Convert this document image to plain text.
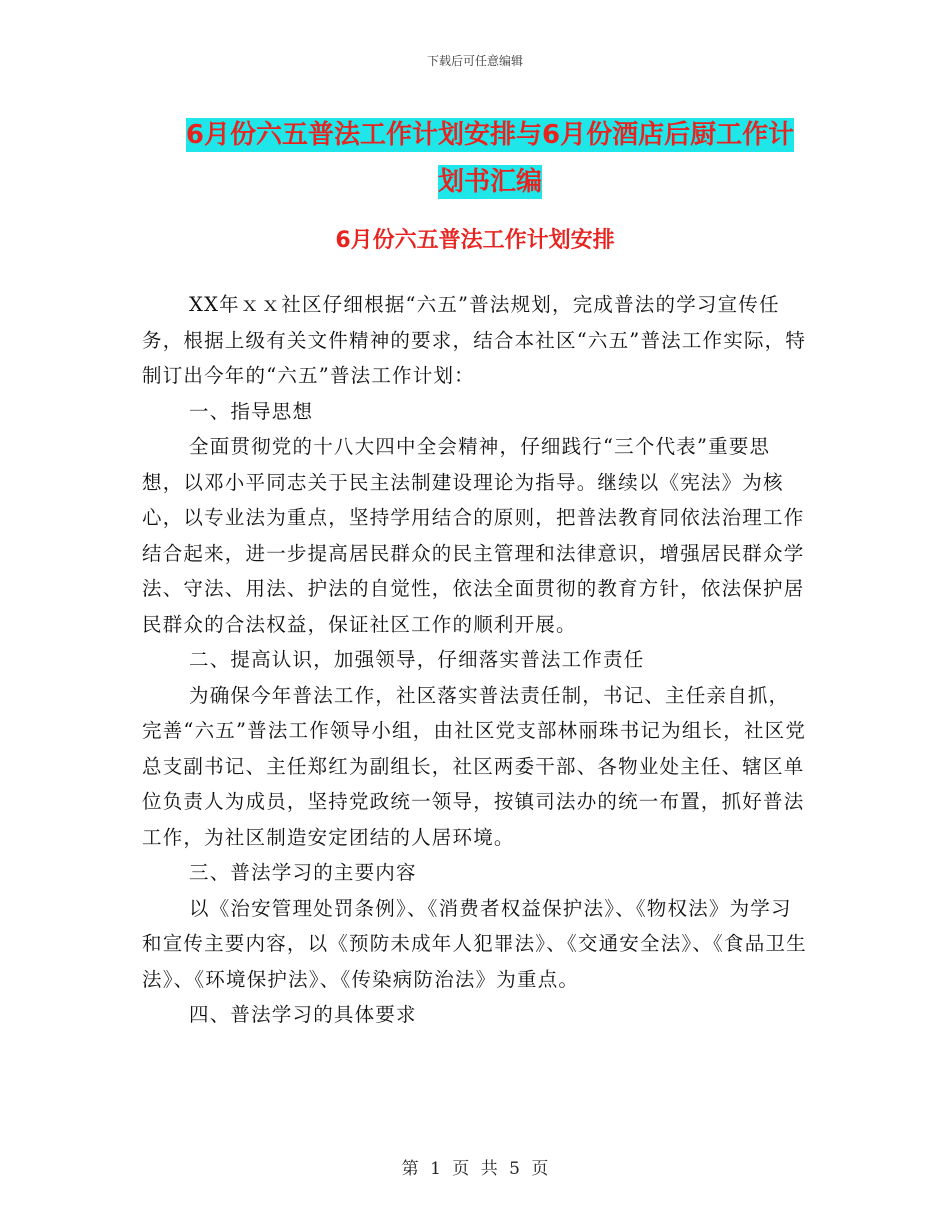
下载后可任意编辑
6月份六五普法工作计划安排与6月份酒店后厨工作计
划书汇编
6月份六五普法工作计划安排

XX年ｘｘ社区仔细根据“六五”普法规划，完成普法的学习宣传任务，根据上级有关文件精神的要求，结合本社区“六五”普法工作实际，特制订出今年的“六五”普法工作计划：

一、指导思想

全面贯彻党的十八大四中全会精神，仔细践行“三个代表”重要思想，以邓小平同志关于民主法制建设理论为指导。继续以《宪法》为核心，以专业法为重点，坚持学用结合的原则，把普法教育同依法治理工作结合起来，进一步提高居民群众的民主管理和法律意识，增强居民群众学法、守法、用法、护法的自觉性，依法全面贯彻的教育方针，依法保护居民群众的合法权益，保证社区工作的顺利开展。

二、提高认识，加强领导，仔细落实普法工作责任

为确保今年普法工作，社区落实普法责任制，书记、主任亲自抓，完善“六五”普法工作领导小组，由社区党支部林丽珠书记为组长，社区党总支副书记、主任郑红为副组长，社区两委干部、各物业处主任、辖区单位负责人为成员，坚持党政统一领导，按镇司法办的统一布置，抓好普法工作，为社区制造安定团结的人居环境。

三、普法学习的主要内容

以《治安管理处罚条例》、《消费者权益保护法》、《物权法》为学习和宣传主要内容，以《预防未成年人犯罪法》、《交通安全法》、《食品卫生法》、《环境保护法》、《传染病防治法》为重点。

四、普法学习的具体要求

第 1 页 共 5 页
